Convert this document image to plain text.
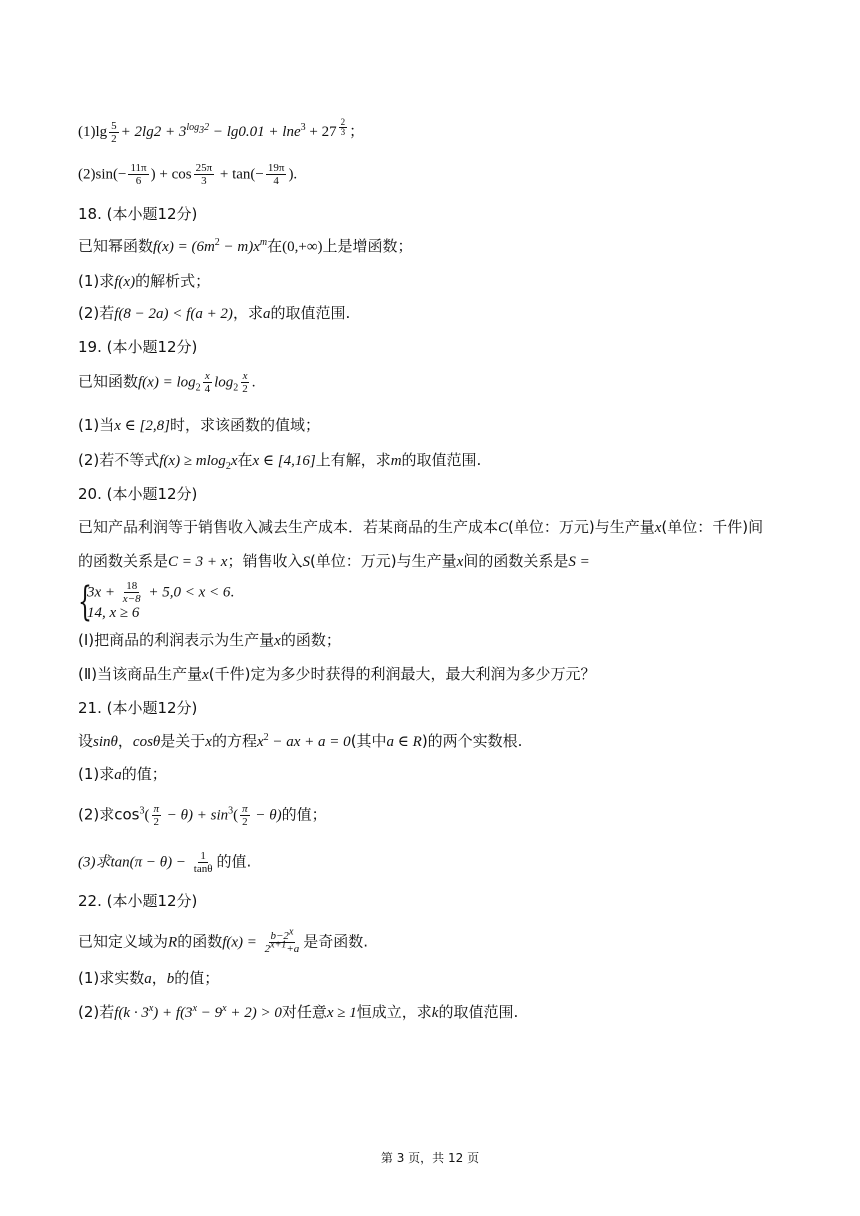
$(1)\lg \frac{5}{2} + 2\lg 2 + 3^{log_32} - \lg 0.01 + \ln e^3 + 27$ $^{\frac{2}{3}}$ ；
$(2)\sin(- \frac{11\pi}{6}$ ) + $\cos \frac{25\pi}{3} + \tan(- \frac{19\pi}{4}$ ).
18. (本小题12分)
已知幂函数$f(x) = (6m^2 - m)x^m$在(0,+∞)上是增函数；
(1)求f(x)的解析式；
(2)若f(8 − 2a) < f(a + 2)，求a的取值范围.
19. (本小题12分)
已知函数$f(x) = \log_2 \frac{x}{4} \log_2 \frac{x}{2}$ .
(1)当x ∈ [2,8]时，求该函数的值域；
(2)若不等式f(x) ≥ mlog$_2$x在x ∈ [4,16]上有解，求m的取值范围.
20. (本小题12分)
已知产品利润等于销售收入减去生产成本．若某商品的生产成本C(单位：万元)与生产量x(单位：千件)间
的函数关系是C = 3 + x；销售收入S(单位：万元)与生产量x间的函数关系是S =
{
$3x + \frac{18}{x-8} + 5,0 < x < 6$.
14, x ≥ 6
(Ⅰ)把商品的利润表示为生产量x的函数；
(Ⅱ)当该商品生产量x(千件)定为多少时获得的利润最大，最大利润为多少万元？
21. (本小题12分)
设sinθ，cosθ是关于x的方程$x^2$ − ax + a = 0(其中a ∈ R)的两个实数根.
(1)求a的值；
(2)求$\cos^3( \frac{\pi}{2} - \theta) + \sin^3( \frac{\pi}{2} - \theta)$的值；
(3)求$\tan(\pi - \theta) - \frac{1}{\tan\theta}$ 的值.
22. (本小题12分)
已知定义域为R的函数$f(x) = \frac{b-2^x}{2^{x+1}+a}$ 是奇函数.
(1)求实数a，b的值；
(2)若$f(k \cdot 3^x) + f(3^x - 9^x + 2) > 0$对任意x ≥ 1恒成立，求k的取值范围.
第 3 页，共 12 页
